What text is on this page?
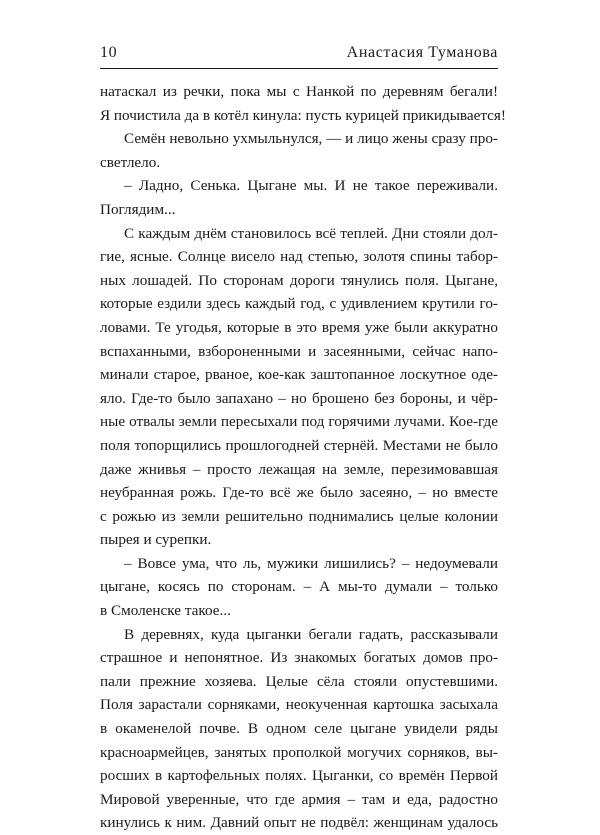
10	Анастасия Туманова
натаскал из речки, пока мы с Нанкой по деревням бегали!
Я почистила да в котёл кинула: пусть курицей прикидывается!
Семён невольно ухмыльнулся, — и лицо жены сразу про-
светлело.
– Ладно, Сенька. Цыгане мы. И не такое переживали.
Поглядим...
С каждым днём становилось всё теплей. Дни стояли дол-
гие, ясные. Солнце висело над степью, золотя спины табор-
ных лошадей. По сторонам дороги тянулись поля. Цыгане,
которые ездили здесь каждый год, с удивлением крутили го-
ловами. Те угодья, которые в это время уже были аккуратно
вспаханными, взбороненными и засеянными, сейчас напо-
минали старое, рваное, кое-как заштопанное лоскутное оде-
яло. Где-то было запахано – но брошено без бороны, и чёр-
ные отвалы земли пересыхали под горячими лучами. Кое-где
поля топорщились прошлогодней стернёй. Местами не было
даже жнивья – просто лежащая на земле, перезимовавшая
неубранная рожь. Где-то всё же было засеяно, – но вместе
с рожью из земли решительно поднимались целые колонии
пырея и сурепки.
– Вовсе ума, что ль, мужики лишились? – недоумевали
цыгане, косясь по сторонам. – А мы-то думали – только
в Смоленске такое...
В деревнях, куда цыганки бегали гадать, рассказывали
страшное и непонятное. Из знакомых богатых домов про-
пали прежние хозяева. Целые сёла стояли опустевшими.
Поля зарастали сорняками, неокученная картошка засыхала
в окаменелой почве. В одном селе цыгане увидели ряды
красноармейцев, занятых прополкой могучих сорняков, вы-
росших в картофельных полях. Цыганки, со времён Первой
Мировой уверенные, что где армия – там и еда, радостно
кинулись к ним. Давний опыт не подвёл: женщинам удалось
